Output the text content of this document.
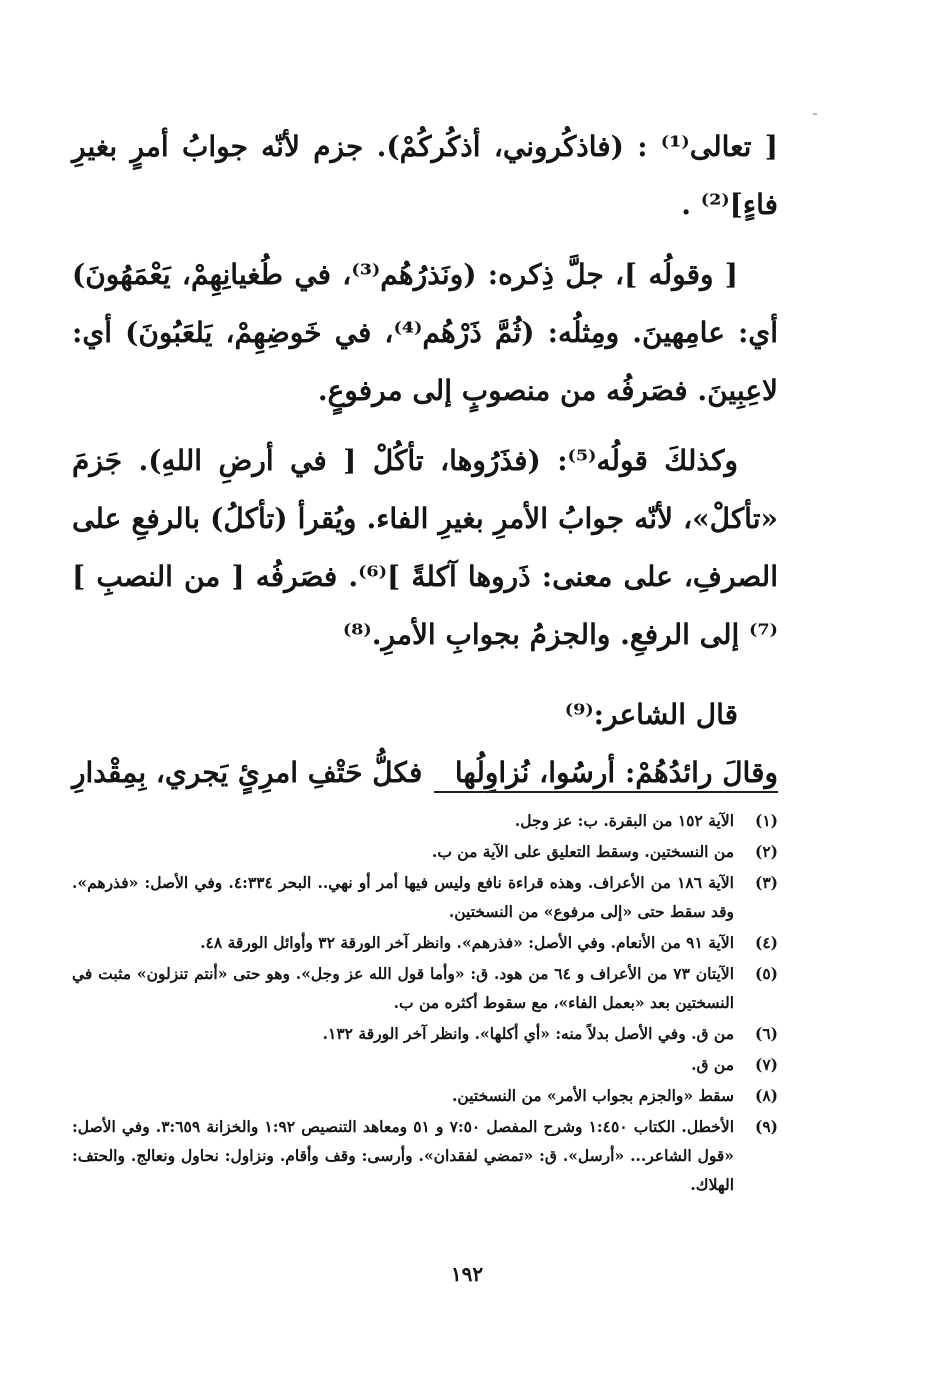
˜

[ تعالى⁽¹⁾ : (فاذكُروني، أذكُركُمْ). جزم لأنّه جوابُ أمرٍ بغيرِ فاءٍ]⁽²⁾ .

[ وقولُه ]، جلَّ ذِكره: (ونَذرُهُم⁽³⁾، في طُغيانِهِمْ، يَعْمَهُونَ) أي: عامِهينَ. ومِثلُه: (ثُمَّ ذَرْهُم⁽⁴⁾، في خَوضِهِمْ، يَلعَبُونَ) أي: لاعِبِينَ. فصَرفُه من منصوبٍ إلى مرفوعٍ.

وكذلكَ قولُه⁽⁵⁾: (فذَرُوها، تأكُلْ [ في أرضِ اللهِ). جَزمَ «تأكلْ»، لأنّه جوابُ الأمرِ بغيرِ الفاء. ويُقرأ (تأكلُ) بالرفعِ على الصرفِ، على معنى: ذَروها آكلةً ]⁽⁶⁾. فصَرفُه [ من النصبِ ]⁽⁷⁾ إلى الرفعِ. والجزمُ بجوابِ الأمرِ.⁽⁸⁾

قال الشاعر:⁽⁹⁾

وقالَ رائدُهُمْ: أرسُوا، نُزاوِلُها
فكلُّ حَتْفِ امرِئٍ يَجري، بِمِقْدارِ
(١)
الآية ١٥٢ من البقرة. ب: عز وجل.
(٢)
من النسختين. وسقط التعليق على الآية من ب.
(٣)
الآية ١٨٦ من الأعراف. وهذه قراءة نافع وليس فيها أمر أو نهي.. البحر ٤:٣٣٤. وفي الأصل: «فذرهم». وقد سقط حتى «إلى مرفوع» من النسختين.
(٤)
الآية ٩١ من الأنعام. وفي الأصل: «فذرهم». وانظر آخر الورقة ٣٢ وأوائل الورقة ٤٨.
(٥)
الآيتان ٧٣ من الأعراف و ٦٤ من هود. ق: «وأما قول الله عز وجل». وهو حتى «أنتم تنزلون» مثبت في النسختين بعد «بعمل الفاء»، مع سقوط أكثره من ب.
(٦)
من ق. وفي الأصل بدلاً منه: «أي أكلها». وانظر آخر الورقة ١٣٢.
(٧)
من ق.
(٨)
سقط «والجزم بجواب الأمر» من النسختين.
(٩)
الأخطل. الكتاب ١:٤٥٠ وشرح المفصل ٧:٥٠ و ٥١ ومعاهد التنصيص ١:٩٢ والخزانة ٣:٦٥٩. وفي الأصل: «قول الشاعر... «أرسل». ق: «تمضي لفقدان». وأرسى: وقف وأقام. ونزاول: نحاول ونعالج. والحتف: الهلاك.
١٩٢
